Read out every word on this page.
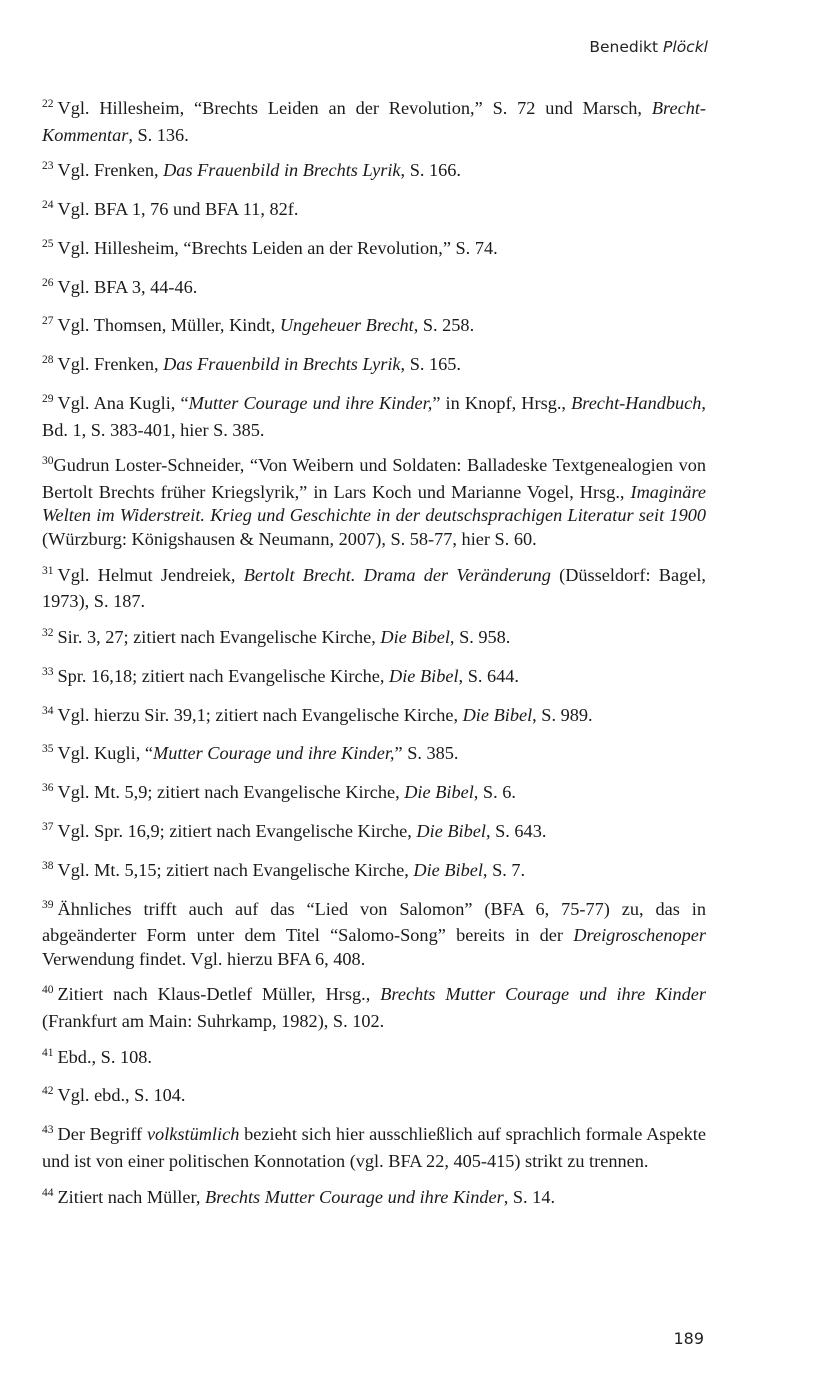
Benedikt Plöckl

$^{22}$ Vgl. Hillesheim, “Brechts Leiden an der Revolution,” S. 72 und Marsch, Brecht-Kommentar, S. 136.

$^{23}$ Vgl. Frenken, Das Frauenbild in Brechts Lyrik, S. 166.

$^{24}$ Vgl. BFA 1, 76 und BFA 11, 82f.

$^{25}$ Vgl. Hillesheim, “Brechts Leiden an der Revolution,” S. 74.

$^{26}$ Vgl. BFA 3, 44-46.

$^{27}$ Vgl. Thomsen, Müller, Kindt, Ungeheuer Brecht, S. 258.

$^{28}$ Vgl. Frenken, Das Frauenbild in Brechts Lyrik, S. 165.

$^{29}$ Vgl. Ana Kugli, “Mutter Courage und ihre Kinder,” in Knopf, Hrsg., Brecht-Handbuch, Bd. 1, S. 383-401, hier S. 385.

$^{30}$Gudrun Loster-Schneider, “Von Weibern und Soldaten: Balladeske Textgenealogien von Bertolt Brechts früher Kriegslyrik,” in Lars Koch und Marianne Vogel, Hrsg., Imaginäre Welten im Widerstreit. Krieg und Geschichte in der deutschsprachigen Literatur seit 1900 (Würzburg: Königshausen & Neumann, 2007), S. 58-77, hier S. 60.

$^{31}$ Vgl. Helmut Jendreiek, Bertolt Brecht. Drama der Veränderung (Düsseldorf: Bagel, 1973), S. 187.

$^{32}$ Sir. 3, 27; zitiert nach Evangelische Kirche, Die Bibel, S. 958.

$^{33}$ Spr. 16,18; zitiert nach Evangelische Kirche, Die Bibel, S. 644.

$^{34}$ Vgl. hierzu Sir. 39,1; zitiert nach Evangelische Kirche, Die Bibel, S. 989.

$^{35}$ Vgl. Kugli, “Mutter Courage und ihre Kinder,” S. 385.

$^{36}$ Vgl. Mt. 5,9; zitiert nach Evangelische Kirche, Die Bibel, S. 6.

$^{37}$ Vgl. Spr. 16,9; zitiert nach Evangelische Kirche, Die Bibel, S. 643.

$^{38}$ Vgl. Mt. 5,15; zitiert nach Evangelische Kirche, Die Bibel, S. 7.

$^{39}$ Ähnliches trifft auch auf das “Lied von Salomon” (BFA 6, 75-77) zu, das in abgeänderter Form unter dem Titel “Salomo-Song” bereits in der Dreigroschenoper Verwendung findet. Vgl. hierzu BFA 6, 408.

$^{40}$ Zitiert nach Klaus-Detlef Müller, Hrsg., Brechts Mutter Courage und ihre Kinder (Frankfurt am Main: Suhrkamp, 1982), S. 102.

$^{41}$ Ebd., S. 108.

$^{42}$ Vgl. ebd., S. 104.

$^{43}$ Der Begriff volkstümlich bezieht sich hier ausschließlich auf sprachlich formale Aspekte und ist von einer politischen Konnotation (vgl. BFA 22, 405-415) strikt zu trennen.

$^{44}$ Zitiert nach Müller, Brechts Mutter Courage und ihre Kinder, S. 14.

189
